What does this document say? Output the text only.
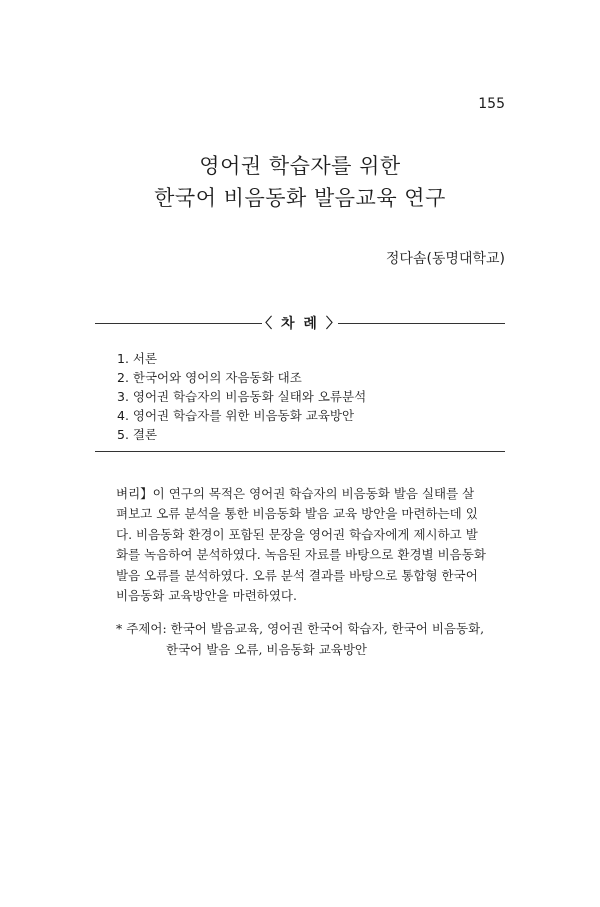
155
영어권 학습자를 위한
한국어 비음동화 발음교육 연구
정다솜(동명대학교)
〈 차 례 〉
1. 서론
2. 한국어와 영어의 자음동화 대조
3. 영어권 학습자의 비음동화 실태와 오류분석
4. 영어권 학습자를 위한 비음동화 교육방안
5. 결론
벼리】이 연구의 목적은 영어권 학습자의 비음동화 발음 실태를 살
펴보고 오류 분석을 통한 비음동화 발음 교육 방안을 마련하는데 있
다. 비음동화 환경이 포함된 문장을 영어권 학습자에게 제시하고 발
화를 녹음하여 분석하였다. 녹음된 자료를 바탕으로 환경별 비음동화
발음 오류를 분석하였다. 오류 분석 결과를 바탕으로 통합형 한국어
비음동화 교육방안을 마련하였다.
* 주제어: 한국어 발음교육, 영어권 한국어 학습자, 한국어 비음동화,
한국어 발음 오류, 비음동화 교육방안
